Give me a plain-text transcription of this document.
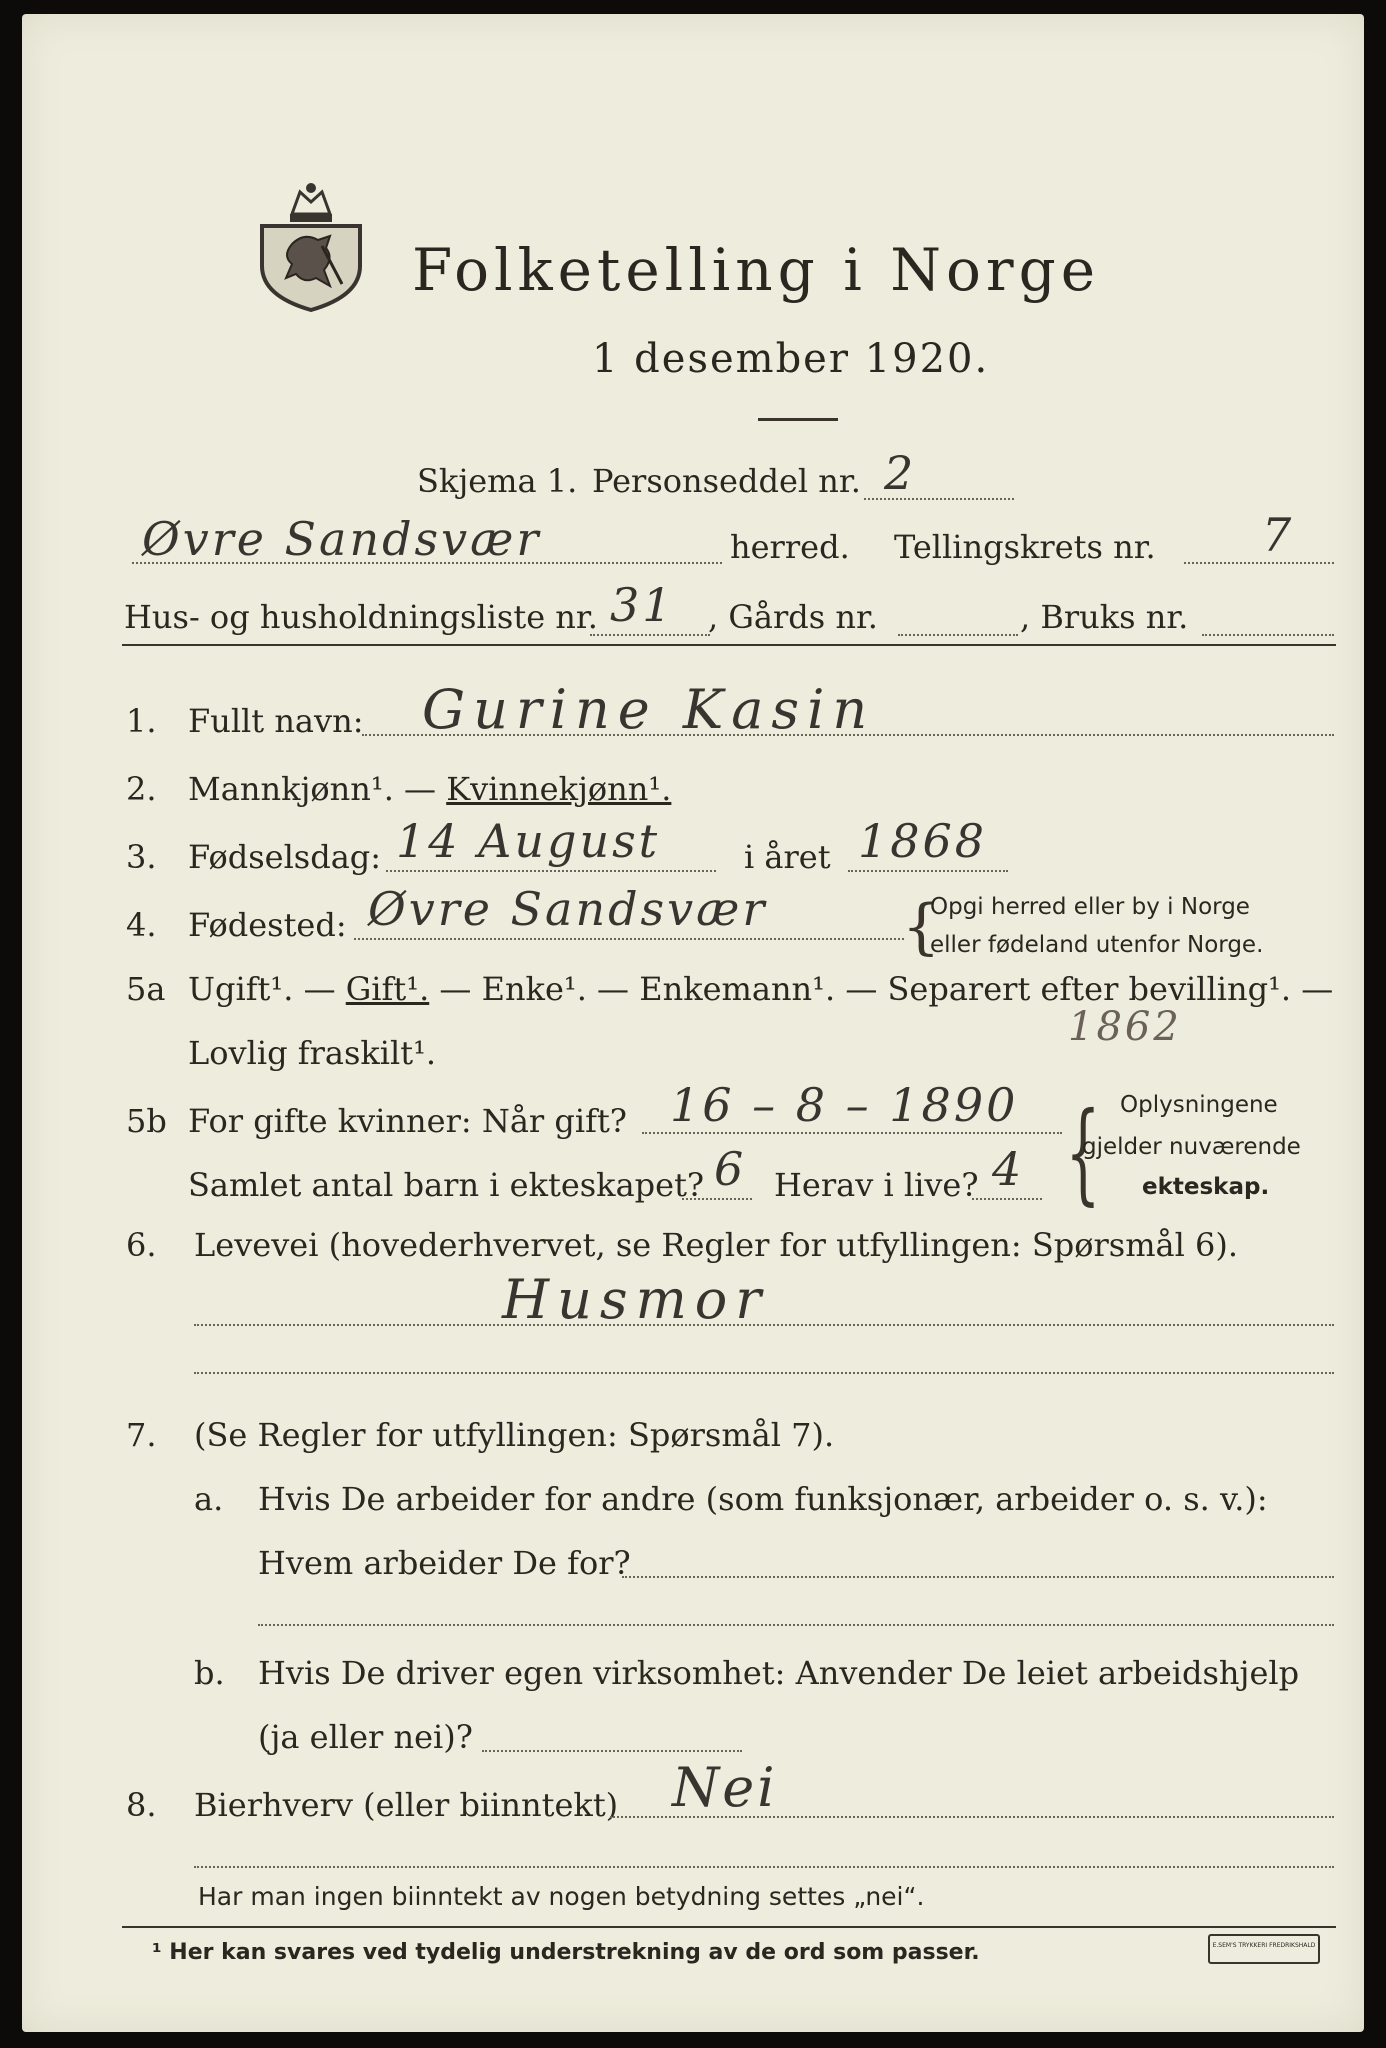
Folketelling i Norge
1 desember 1920.
Skjema 1. Personseddel nr. 2
Øvre Sandsvær	herred. Tellingskrets nr. 7
Hus- og husholdningsliste nr. 31 , Gårds nr.	, Bruks nr.
1. Fullt navn: Gurine Kasin
2. Mannkjønn¹. — Kvinnekjønn¹.
3. Fødselsdag: 14 August	i året 1868
4. Fødested: Øvre Sandsvær {
Opgi herred eller by i Norge
eller fødeland utenfor Norge.
5a Ugift¹. — Gift¹. — Enke¹. — Enkemann¹. — Separert efter bevilling¹. —
Lovlig fraskilt¹.
1862
5b For gifte kvinner: Når gift? 16 – 8 – 1890
Samlet antal barn i ekteskapet? 6 Herav i live? 4 { Oplysningene
gjelder nuværende
ekteskap.
6. Levevei (hovederhvervet, se Regler for utfyllingen: Spørsmål 6).
Husmor
7. (Se Regler for utfyllingen: Spørsmål 7).
a. Hvis De arbeider for andre (som funksjonær, arbeider o. s. v.):
Hvem arbeider De for?
b. Hvis De driver egen virksomhet: Anvender De leiet arbeidshjelp
(ja eller nei)?
8. Bierhverv (eller biinntekt) Nei
Har man ingen biinntekt av nogen betydning settes „nei“.
¹ Her kan svares ved tydelig understrekning av de ord som passer.	E.SEM'S TRYKKERI FREDRIKSHALD
